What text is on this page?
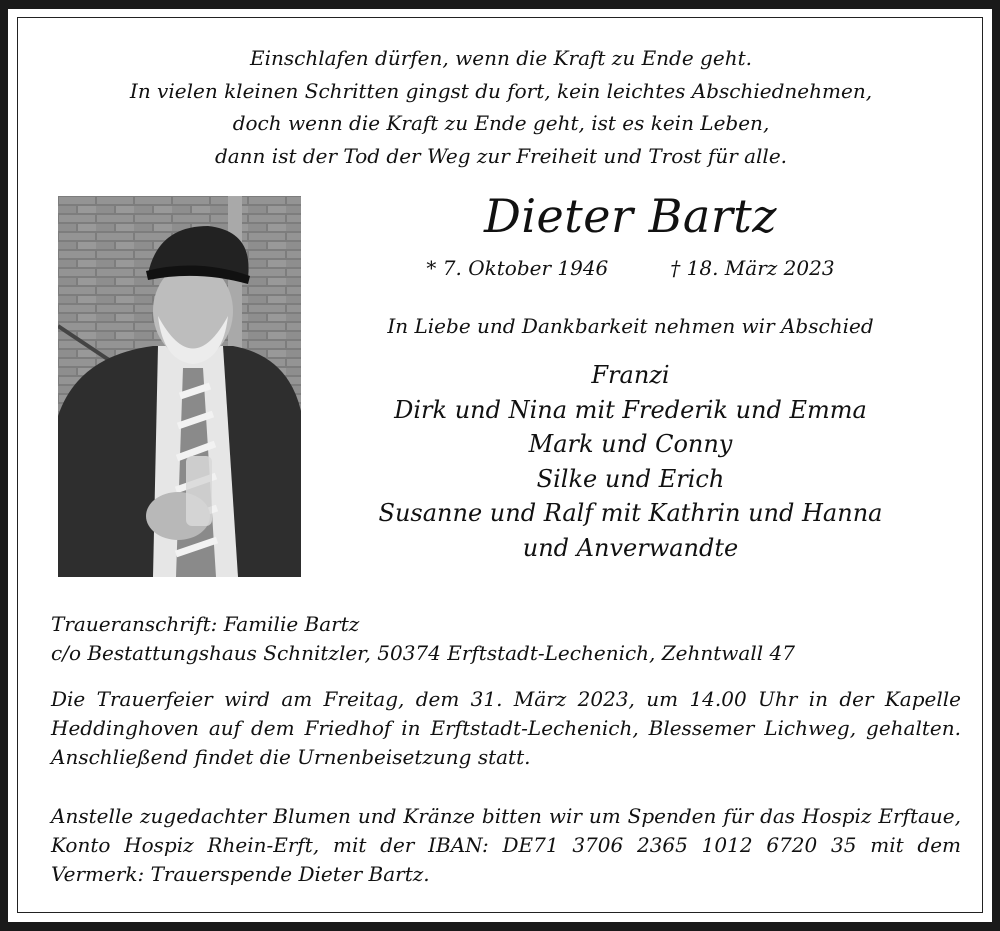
Einschlafen dürfen, wenn die Kraft zu Ende geht.
In vielen kleinen Schritten gingst du fort, kein leichtes Abschiednehmen,
doch wenn die Kraft zu Ende geht, ist es kein Leben,
dann ist der Tod der Weg zur Freiheit und Trost für alle.
Dieter Bartz
* 7. Oktober 1946	† 18. März 2023
In Liebe und Dankbarkeit nehmen wir Abschied
Franzi
Dirk und Nina mit Frederik und Emma
Mark und Conny
Silke und Erich
Susanne und Ralf mit Kathrin und Hanna
und Anverwandte
Traueranschrift: Familie Bartz
c/o Bestattungshaus Schnitzler, 50374 Erftstadt-Lechenich, Zehntwall 47
Die Trauerfeier wird am Freitag, dem 31. März 2023, um 14.00 Uhr in der Kapelle Heddinghoven auf dem Friedhof in Erftstadt-Lechenich, Blessemer Lichweg, gehalten. Anschließend findet die Urnenbeisetzung statt.
Anstelle zugedachter Blumen und Kränze bitten wir um Spenden für das Hospiz Erftaue, Konto Hospiz Rhein-Erft, mit der IBAN: DE71 3706 2365 1012 6720 35 mit dem Vermerk: Trauerspende Dieter Bartz.
